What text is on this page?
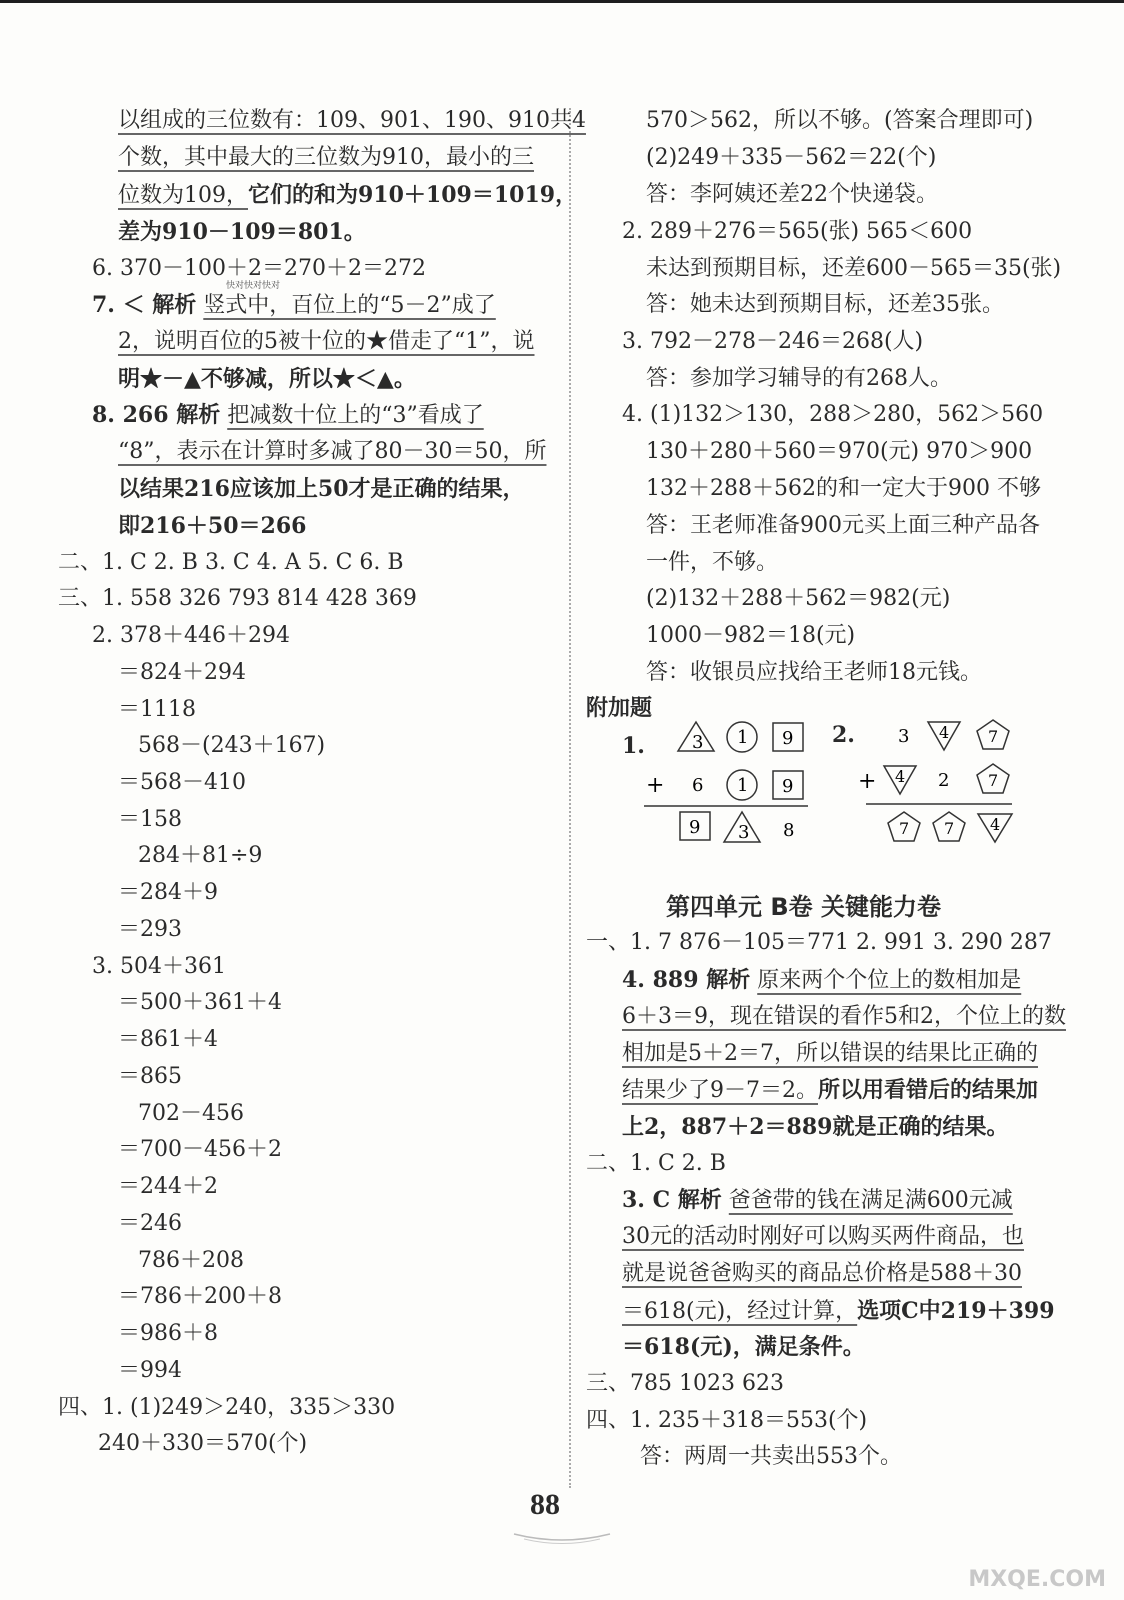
以组成的三位数有：109、901、190、910共4
个数，其中最大的三位数为910，最小的三
位数为109，它们的和为910＋109＝1019，
差为910－109＝801。
6. 370－100＋2＝270＋2＝272
快对快对快对
7. ＜ 解析 竖式中，百位上的“5－2”成了
2，说明百位的5被十位的★借走了“1”，说
明★－▲不够减，所以★＜▲。
8. 266 解析 把减数十位上的“3”看成了
“8”，表示在计算时多减了80－30＝50，所
以结果216应该加上50才是正确的结果，
即216＋50＝266
二、1. C 2. B 3. C 4. A 5. C 6. B
三、1. 558 326 793 814 428 369
2. 378＋446＋294
＝824＋294
＝1118
568－(243＋167)
＝568－410
＝158
284＋81÷9
＝284＋9
＝293
3. 504＋361
＝500＋361＋4
＝861＋4
＝865
702－456
＝700－456＋2
＝244＋2
＝246
786＋208
＝786＋200＋8
＝986＋8
＝994
四、1. (1)249＞240，335＞330
240＋330＝570(个)
570＞562，所以不够。(答案合理即可)
(2)249＋335－562＝22(个)
答：李阿姨还差22个快递袋。
2. 289＋276＝565(张) 565＜600
未达到预期目标，还差600－565＝35(张)
答：她未达到预期目标，还差35张。
3. 792－278－246＝268(人)
答：参加学习辅导的有268人。
4. (1)132＞130，288＞280，562＞560
130＋280＋560＝970(元) 970＞900
132＋288＋562的和一定大于900 不够
答：王老师准备900元买上面三种产品各
一件，不够。
(2)132＋288＋562＝982(元)
1000－982＝18(元)
答：收银员应找给王老师18元钱。
附加题
1.	3 1 9
+ 6 1 9
9 3 8
2. 3 4 7
+ 4 2 7
7 7 4
第四单元 B卷 关键能力卷
一、1. 7 876－105＝771 2. 991 3. 290 287
4. 889 解析 原来两个个位上的数相加是
6＋3＝9，现在错误的看作5和2，个位上的数
相加是5＋2＝7，所以错误的结果比正确的
结果少了9－7＝2。所以用看错后的结果加
上2，887＋2＝889就是正确的结果。
二、1. C 2. B
3. C 解析 爸爸带的钱在满足满600元减
30元的活动时刚好可以购买两件商品，也
就是说爸爸购买的商品总价格是588＋30
＝618(元)，经过计算，选项C中219＋399
＝618(元)，满足条件。
三、785 1023 623
四、1. 235＋318＝553(个)
答：两周一共卖出553个。
88
MXQE.COM
